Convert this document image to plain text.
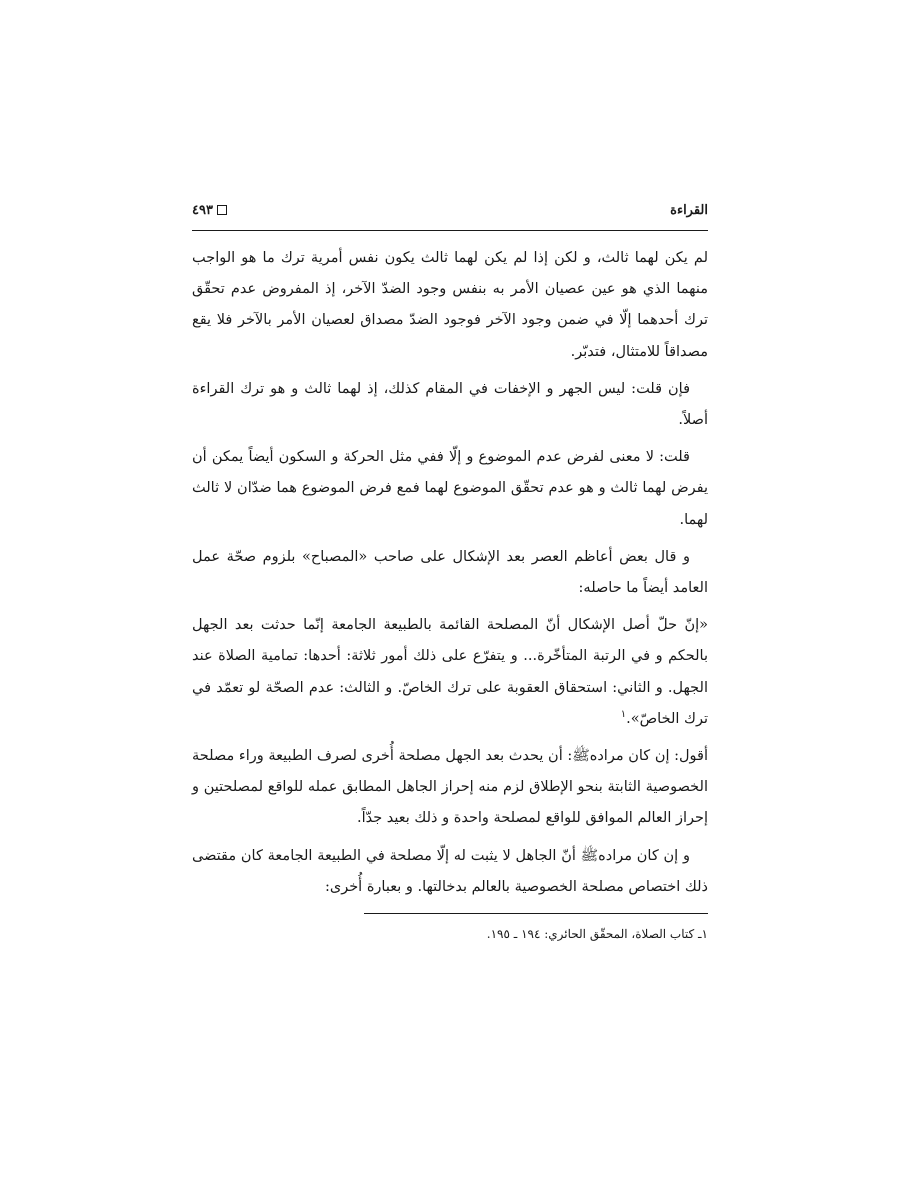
القراءة
٤٩٣

لم يكن لهما ثالث، و لكن إذا لم يكن لهما ثالث يكون نفس أمرية ترك ما هو الواجب منهما الذي هو عين عصيان الأمر به بنفس وجود الضدّ الآخر، إذ المفروض عدم تحقّق ترك أحدهما إلّا في ضمن وجود الآخر فوجود الضدّ مصداق لعصيان الأمر بالآخر فلا يقع مصداقاً للامتثال، فتدبّر.

فإن قلت: ليس الجهر و الإخفات في المقام كذلك، إذ لهما ثالث و هو ترك القراءة أصلاً.

قلت: لا معنى لفرض عدم الموضوع و إلّا ففي مثل الحركة و السكون أيضاً يمكن أن يفرض لهما ثالث و هو عدم تحقّق الموضوع لهما فمع فرض الموضوع هما ضدّان لا ثالث لهما.

و قال بعض أعاظم العصر بعد الإشكال على صاحب «المصباح» بلزوم صحّة عمل العامد أيضاً ما حاصله:

«إنّ حلّ أصل الإشكال أنّ المصلحة القائمة بالطبيعة الجامعة إنّما حدثت بعد الجهل بالحكم و في الرتبة المتأخّرة... و يتفرّع على ذلك أمور ثلاثة: أحدها: تمامية الصلاة عند الجهل. و الثاني: استحقاق العقوبة على ترك الخاصّ. و الثالث: عدم الصحّة لو تعمّد في ترك الخاصّ».$^١$

أقول: إن كان مراده‌ﷺ: أن يحدث بعد الجهل مصلحة أُخرى لصرف الطبيعة وراء مصلحة الخصوصية الثابتة بنحو الإطلاق لزم منه إحراز الجاهل المطابق عمله للواقع لمصلحتين و إحراز العالم الموافق للواقع لمصلحة واحدة و ذلك بعيد جدّاً.

و إن كان مراده‌ﷺ أنّ الجاهل لا يثبت له إلّا مصلحة في الطبيعة الجامعة كان مقتضى ذلك اختصاص مصلحة الخصوصية بالعالم بدخالتها. و بعبارة أُخرى:

١ـ كتاب الصلاة، المحقّق الحائري: ١٩٤ ـ ١٩٥.
